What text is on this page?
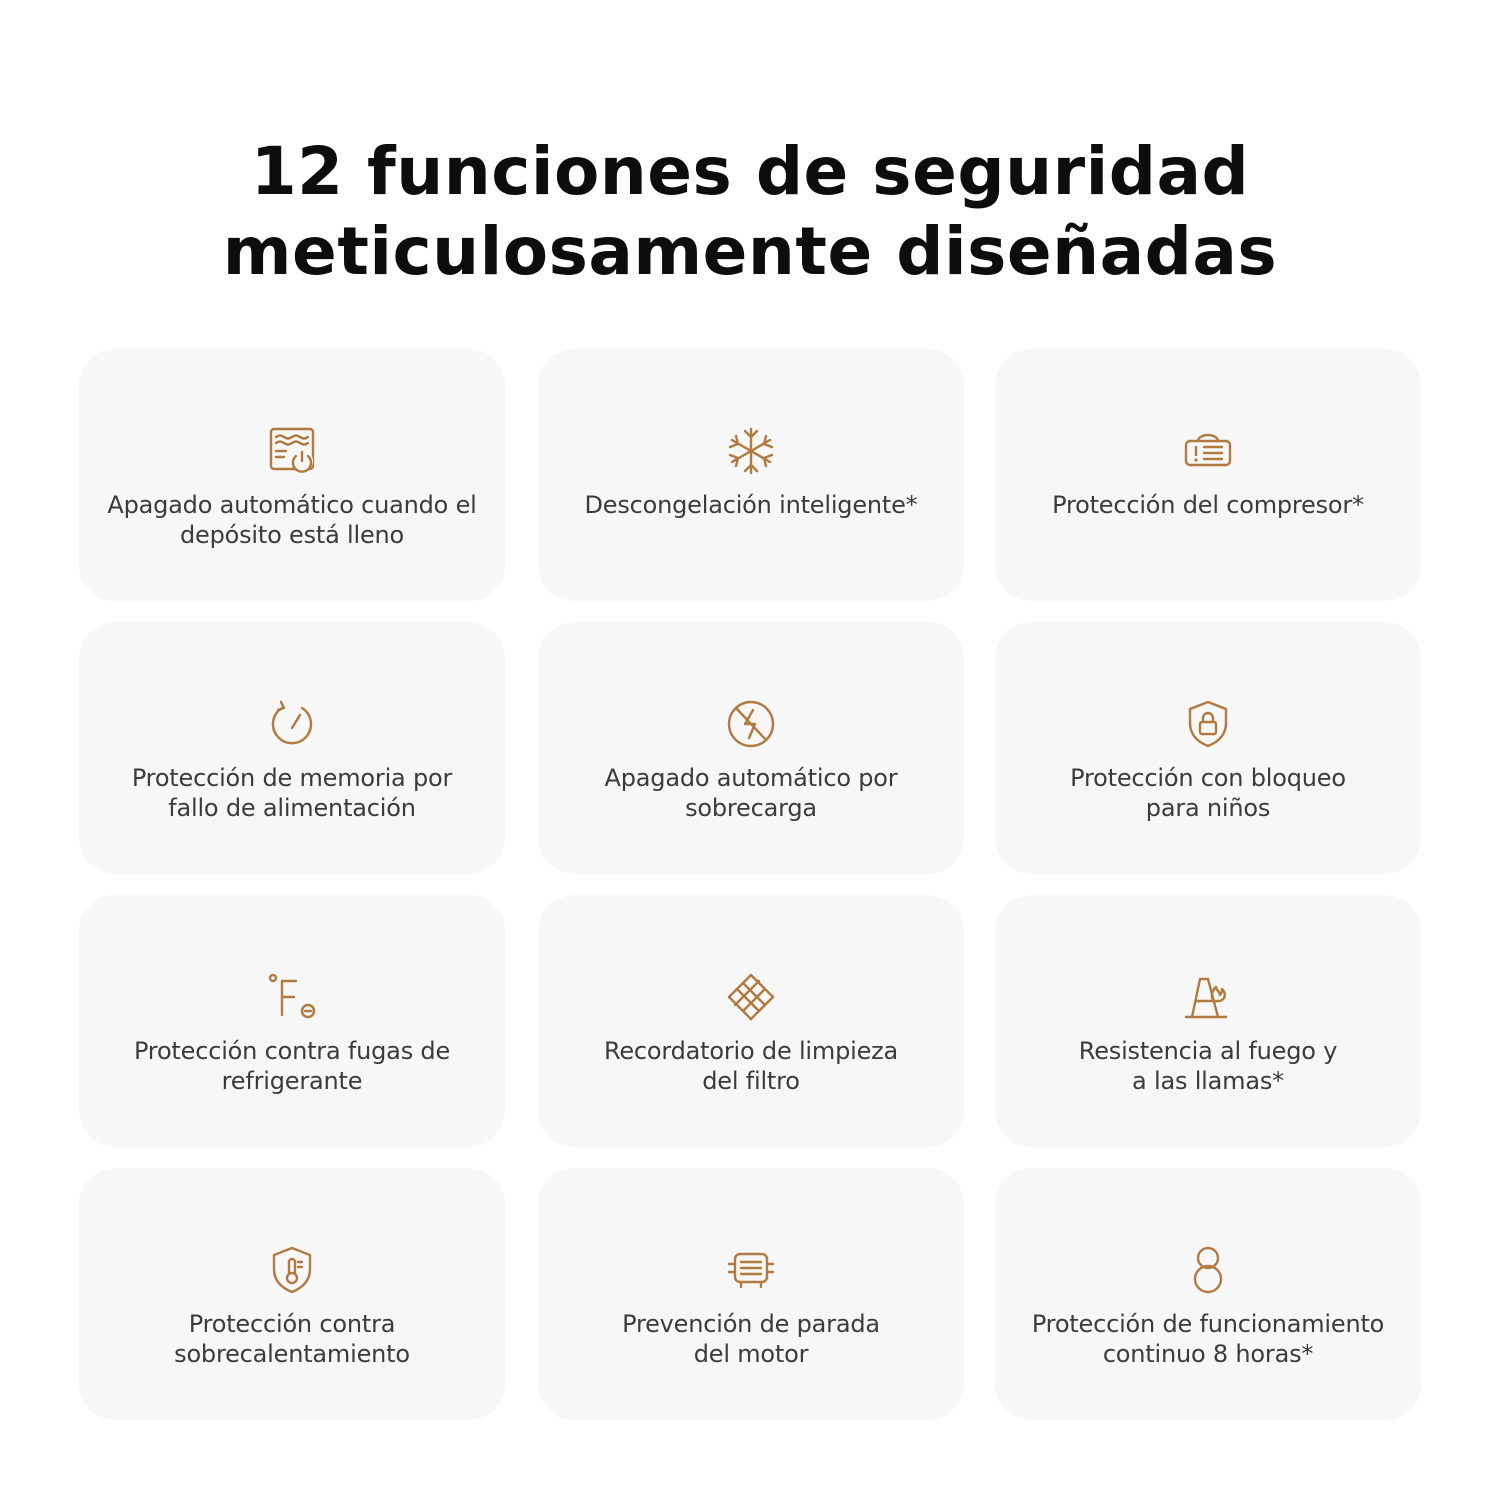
12 funciones de seguridad
meticulosamente diseñadas
Apagado automático cuando el
depósito está lleno
Descongelación inteligente*	Protección del compresor*
Protección de memoria por
fallo de alimentación
Apagado automático por
sobrecarga
Protección con bloqueo
para niños
Protección contra fugas de
refrigerante
Recordatorio de limpieza
del filtro
Resistencia al fuego y
a las llamas*
Protección contra
sobrecalentamiento
Prevención de parada
del motor
Protección de funcionamiento
continuo 8 horas*
